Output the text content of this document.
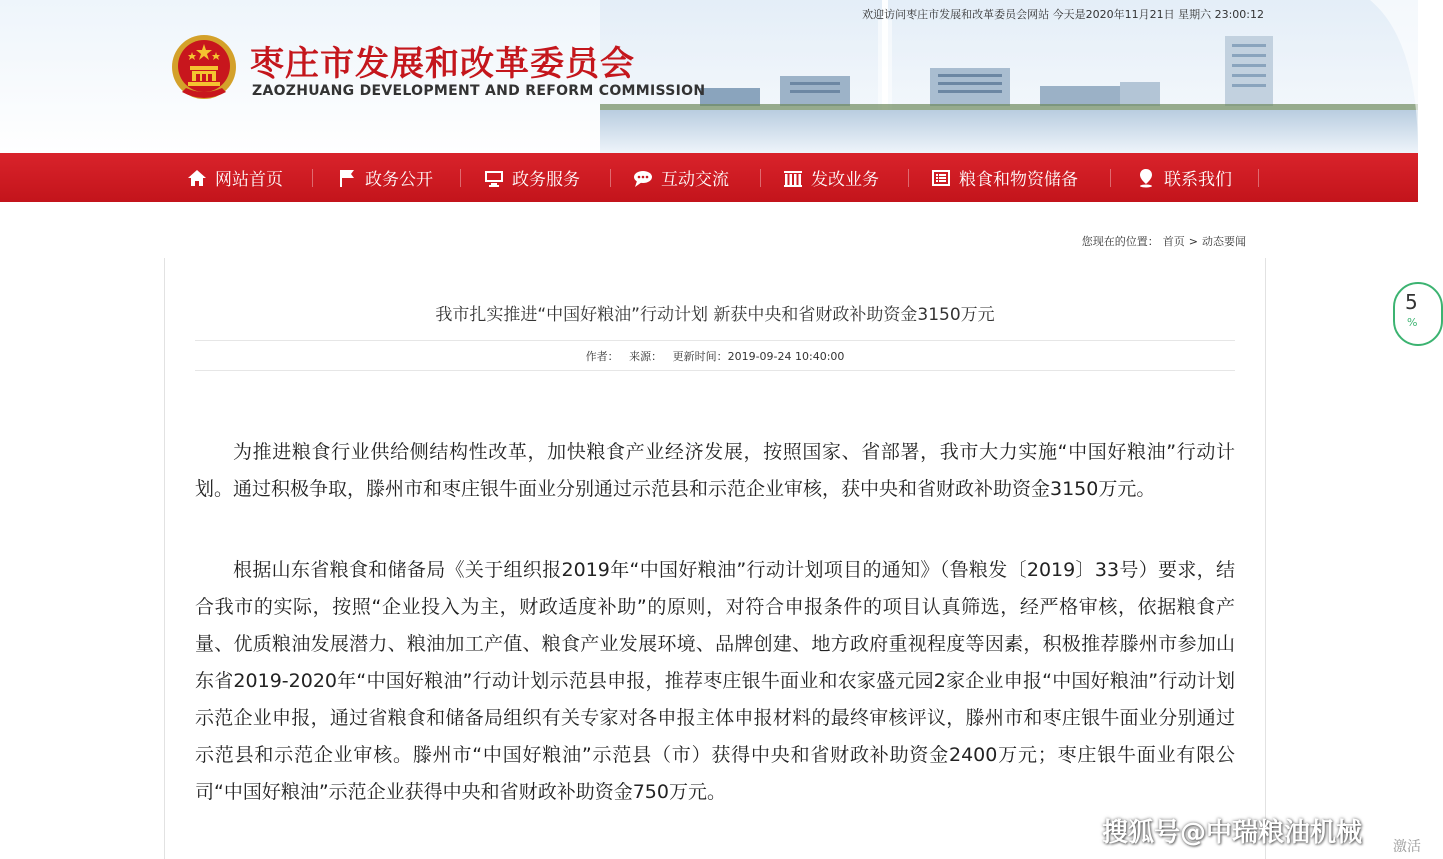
欢迎访问枣庄市发展和改革委员会网站 今天是2020年11月21日 星期六 23:00:12
枣庄市发展和改革委员会
ZAOZHUANG DEVELOPMENT AND REFORM COMMISSION
网站首页	政务公开	政务服务	互动交流	发改业务	粮食和物资储备	联系我们
您现在的位置： 首页 > 动态要闻
我市扎实推进“中国好粮油”行动计划 新获中央和省财政补助资金3150万元
作者：   来源：   更新时间：2019-09-24 10:40:00

为推进粮食行业供给侧结构性改革，加快粮食产业经济发展，按照国家、省部署，我市大力实施“中国好粮油”行动计划。通过积极争取，滕州市和枣庄银牛面业分别通过示范县和示范企业审核，获中央和省财政补助资金3150万元。

根据山东省粮食和储备局《关于组织报2019年“中国好粮油”行动计划项目的通知》（鲁粮发〔2019〕33号）要求，结合我市的实际，按照“企业投入为主，财政适度补助”的原则，对符合申报条件的项目认真筛选，经严格审核，依据粮食产量、优质粮油发展潜力、粮油加工产值、粮食产业发展环境、品牌创建、地方政府重视程度等因素，积极推荐滕州市参加山东省2019-2020年“中国好粮油”行动计划示范县申报，推荐枣庄银牛面业和农家盛元园2家企业申报“中国好粮油”行动计划示范企业申报，通过省粮食和储备局组织有关专家对各申报主体申报材料的最终审核评议，滕州市和枣庄银牛面业分别通过示范县和示范企业审核。滕州市“中国好粮油”示范县（市）获得中央和省财政补助资金2400万元；枣庄银牛面业有限公司“中国好粮油”示范企业获得中央和省财政补助资金750万元。

5
%
搜狐号@中瑞粮油机械 激活
